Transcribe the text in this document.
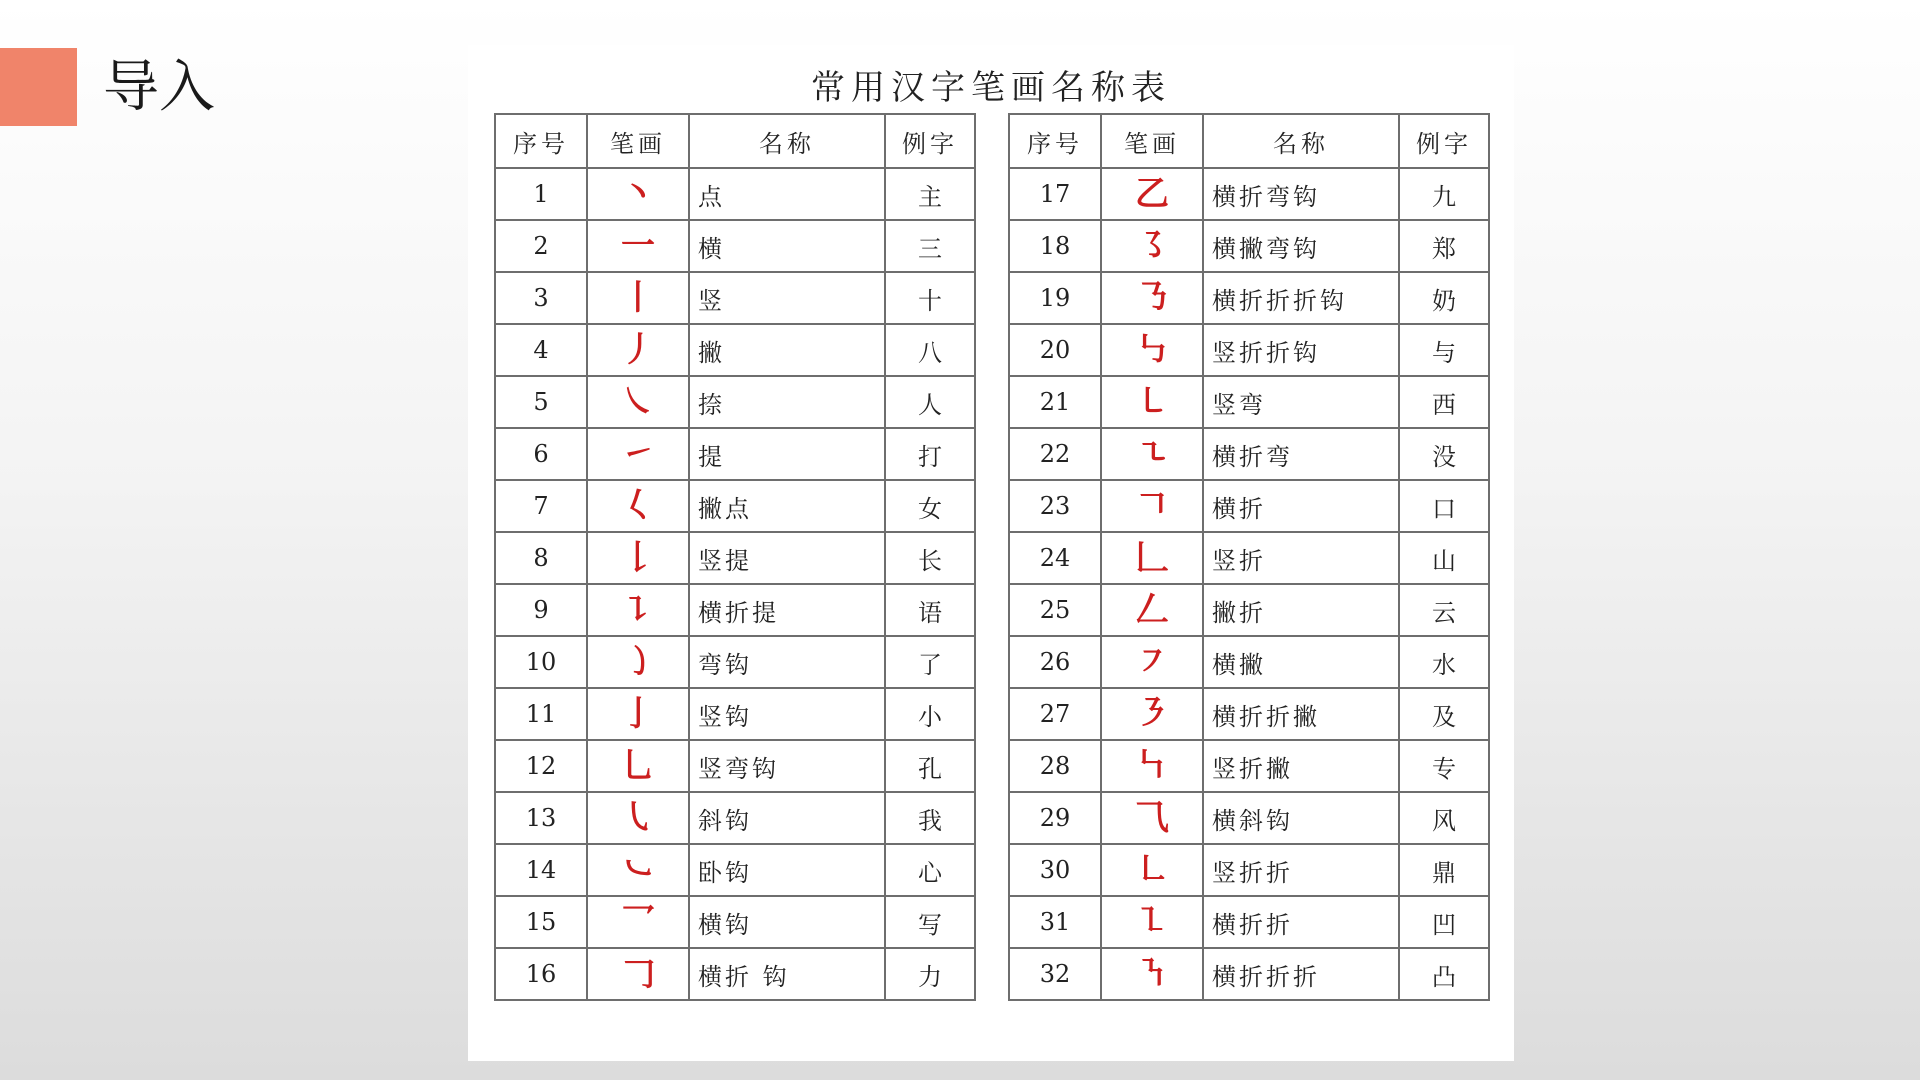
导入	常用汉字笔画名称表
序号	笔画	名称	例字
1	丶	点	主
2	一	横	三
3	丨	竖	十
4	丿	撇	八
5	㇏	捺	人
6	㇀	提	打
7	𡿨	撇点	女
8	𠄌	竖提	长
9	㇊	横折提	语
10	㇁	弯钩	了
11	亅	竖钩	小
12	乚	竖弯钩	孔
13	㇂	斜钩	我
14	㇃	卧钩	心
15	乛	横钩	写
16	𠃌	横折 钩	力
序号	笔画	名称	例字
17	乙	横折弯钩	九
18	㇌	横撇弯钩	郑
19	㇡	横折折折钩	奶
20	㇉	竖折折钩	与
21	㇄	竖弯	西
22	㇍	横折弯	没
23	𠃍	横折	口
24	𠃊	竖折	山
25	𠃋	撇折	云
26	㇇	横撇	水
27	㇋	横折折撇	及
28	㇞	竖折撇	专
29	⺄	横斜钩	风
30	㇗	竖折折	鼎
31	㇅	横折折	凹
32	㇎	横折折折	凸
